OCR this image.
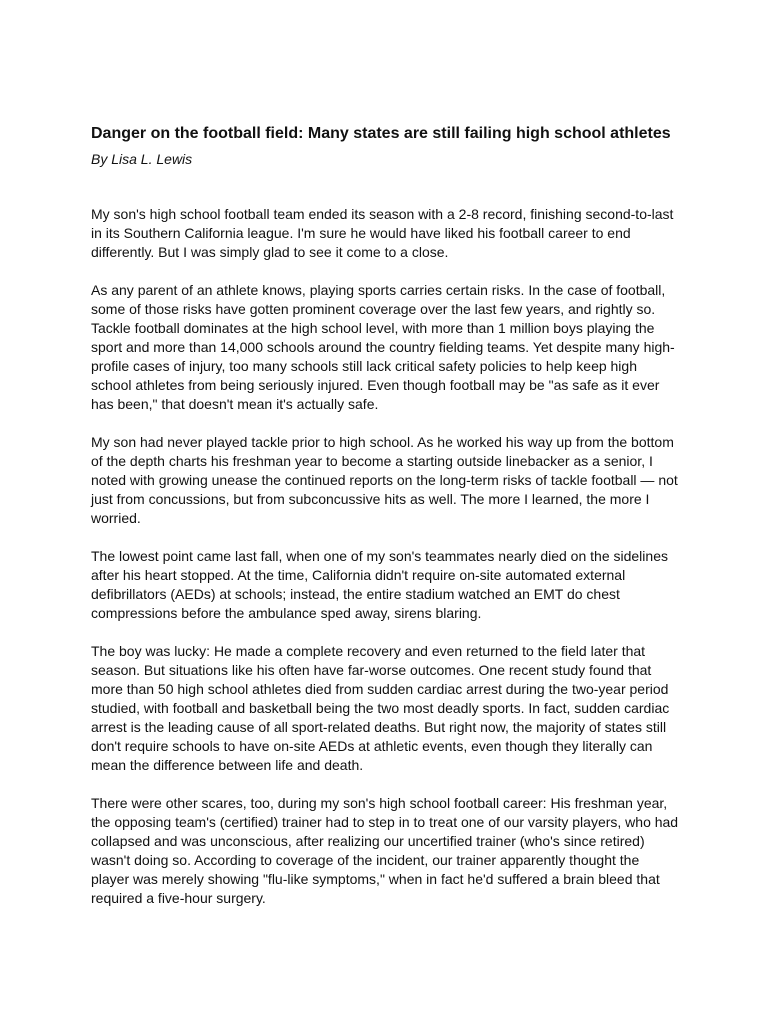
Danger on the football field: Many states are still failing high school athletes

By Lisa L. Lewis

My son's high school football team ended its season with a 2-8 record, finishing second-to-last in its Southern California league. I'm sure he would have liked his football career to end differently. But I was simply glad to see it come to a close.

As any parent of an athlete knows, playing sports carries certain risks. In the case of football, some of those risks have gotten prominent coverage over the last few years, and rightly so. Tackle football dominates at the high school level, with more than 1 million boys playing the sport and more than 14,000 schools around the country fielding teams. Yet despite many high-profile cases of injury, too many schools still lack critical safety policies to help keep high school athletes from being seriously injured. Even though football may be "as safe as it ever has been," that doesn't mean it's actually safe.

My son had never played tackle prior to high school. As he worked his way up from the bottom of the depth charts his freshman year to become a starting outside linebacker as a senior, I noted with growing unease the continued reports on the long-term risks of tackle football — not just from concussions, but from subconcussive hits as well. The more I learned, the more I worried.

The lowest point came last fall, when one of my son's teammates nearly died on the sidelines after his heart stopped. At the time, California didn't require on-site automated external defibrillators (AEDs) at schools; instead, the entire stadium watched an EMT do chest compressions before the ambulance sped away, sirens blaring.

The boy was lucky: He made a complete recovery and even returned to the field later that season. But situations like his often have far-worse outcomes. One recent study found that more than 50 high school athletes died from sudden cardiac arrest during the two-year period studied, with football and basketball being the two most deadly sports. In fact, sudden cardiac arrest is the leading cause of all sport-related deaths. But right now, the majority of states still don't require schools to have on-site AEDs at athletic events, even though they literally can mean the difference between life and death.

There were other scares, too, during my son's high school football career: His freshman year, the opposing team's (certified) trainer had to step in to treat one of our varsity players, who had collapsed and was unconscious, after realizing our uncertified trainer (who's since retired) wasn't doing so. According to coverage of the incident, our trainer apparently thought the player was merely showing "flu-like symptoms," when in fact he'd suffered a brain bleed that required a five-hour surgery.
